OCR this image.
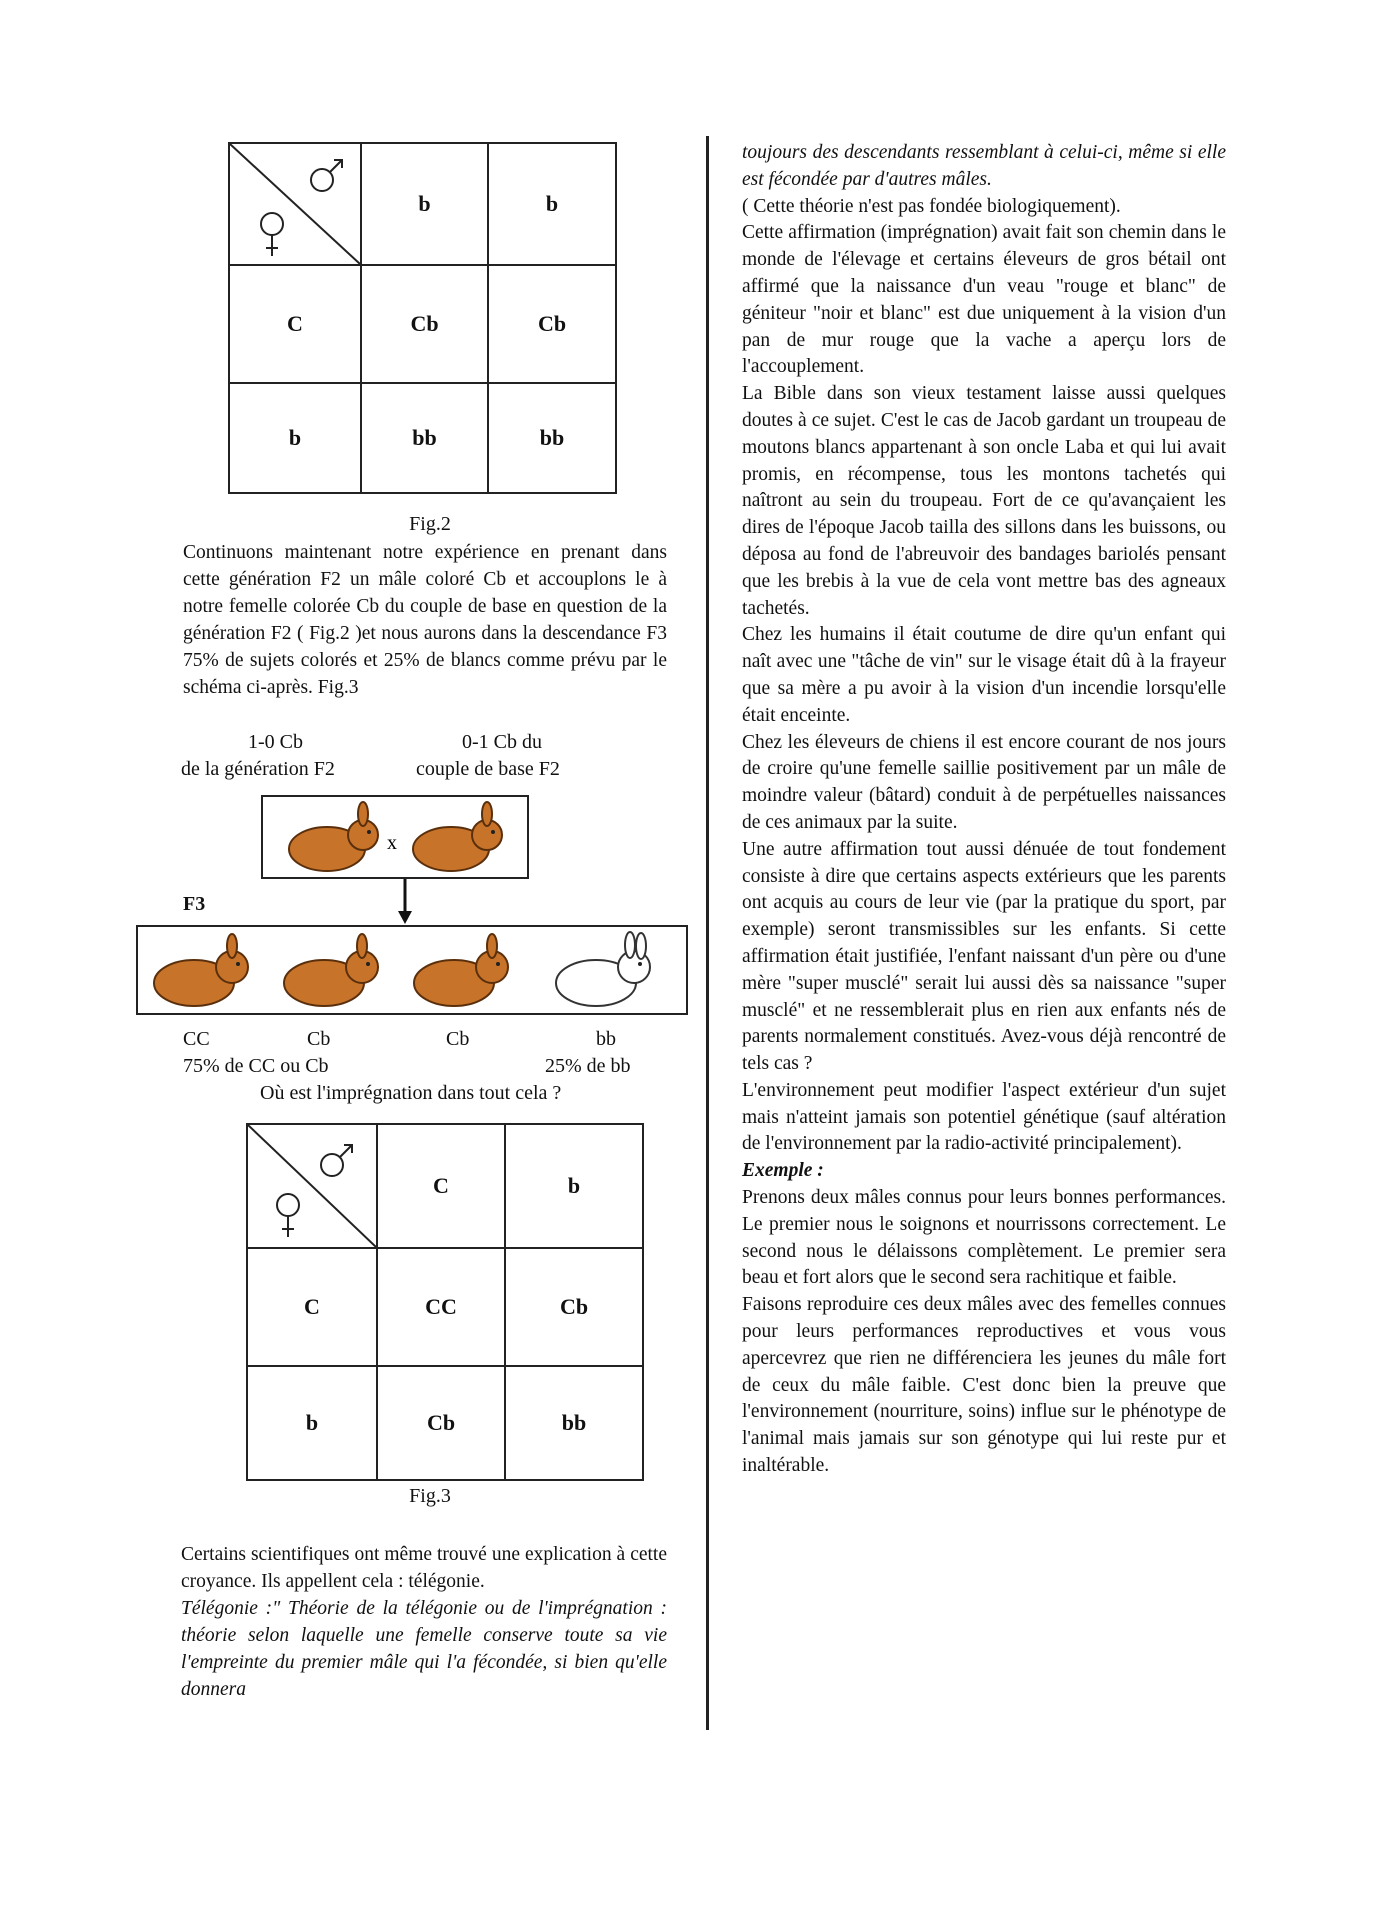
	b	b
C	Cb	Cb
b	bb	bb
Fig.2

Continuons maintenant notre expérience en prenant dans cette génération F2 un mâle coloré Cb et accouplons le à notre femelle colorée Cb du couple de base en question de la génération F2 ( Fig.2 )et nous aurons dans la descendance F3 75% de sujets colorés et 25% de blancs comme prévu par le schéma ci-après. Fig.3

1-0 Cb
de la génération F2
0-1 Cb du
couple de base F2
x
F3
CC	Cb	Cb	bb
75% de CC ou Cb	25% de bb
Où est l'imprégnation dans tout cela ?
	C	b
C	CC	Cb
b	Cb	bb
Fig.3

Certains scientifiques ont même trouvé une explication à cette croyance. Ils appellent cela : télégonie.

Télégonie :" Théorie de la télégonie ou de l'imprégnation : théorie selon laquelle une femelle conserve toute sa vie l'empreinte du premier mâle qui l'a fécondée, si bien qu'elle donnera

toujours des descendants ressemblant à celui-ci, même si elle est fécondée par d'autres mâles.

( Cette théorie n'est pas fondée biologiquement).

Cette affirmation (imprégnation) avait fait son chemin dans le monde de l'élevage et certains éleveurs de gros bétail ont affirmé que la naissance d'un veau "rouge et blanc" de géniteur "noir et blanc" est due uniquement à la vision d'un pan de mur rouge que la vache a aperçu lors de l'accouplement.

La Bible dans son vieux testament laisse aussi quelques doutes à ce sujet. C'est le cas de Jacob gardant un troupeau de moutons blancs appartenant à son oncle Laba et qui lui avait promis, en récompense, tous les montons tachetés qui naîtront au sein du troupeau. Fort de ce qu'avançaient les dires de l'époque Jacob tailla des sillons dans les buissons, ou déposa au fond de l'abreuvoir des bandages bariolés pensant que les brebis à la vue de cela vont mettre bas des agneaux tachetés.

Chez les humains il était coutume de dire qu'un enfant qui naît avec une "tâche de vin" sur le visage était dû à la frayeur que sa mère a pu avoir à la vision d'un incendie lorsqu'elle était enceinte.

Chez les éleveurs de chiens il est encore courant de nos jours de croire qu'une femelle saillie positivement par un mâle de moindre valeur (bâtard) conduit à de perpétuelles naissances de ces animaux par la suite.

Une autre affirmation tout aussi dénuée de tout fondement consiste à dire que certains aspects extérieurs que les parents ont acquis au cours de leur vie (par la pratique du sport, par exemple) seront transmissibles sur les enfants. Si cette affirmation était justifiée, l'enfant naissant d'un père ou d'une mère "super musclé" serait lui aussi dès sa naissance "super musclé" et ne ressemblerait plus en rien aux enfants nés de parents normalement constitués. Avez-vous déjà rencontré de tels cas ?

L'environnement peut modifier l'aspect extérieur d'un sujet mais n'atteint jamais son potentiel génétique (sauf altération de l'environnement par la radio-activité principalement).

Exemple :

Prenons deux mâles connus pour leurs bonnes performances. Le premier nous le soignons et nourrissons correctement. Le second nous le délaissons complètement. Le premier sera beau et fort alors que le second sera rachitique et faible.

Faisons reproduire ces deux mâles avec des femelles connues pour leurs performances reproductives et vous vous apercevrez que rien ne différenciera les jeunes du mâle fort de ceux du mâle faible. C'est donc bien la preuve que l'environnement (nourriture, soins) influe sur le phénotype de l'animal mais jamais sur son génotype qui lui reste pur et inaltérable.
